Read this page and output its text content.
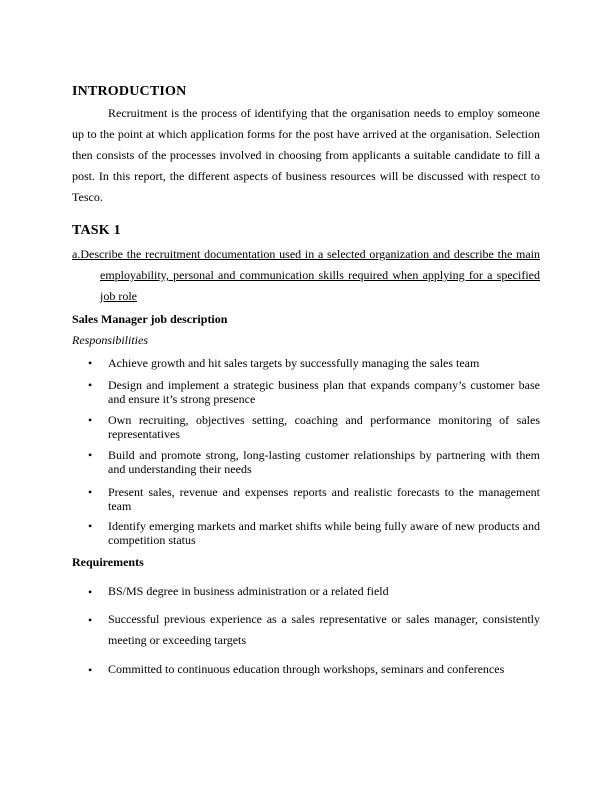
INTRODUCTION

Recruitment is the process of identifying that the organisation needs to employ someone up to the point at which application forms for the post have arrived at the organisation. Selection then consists of the processes involved in choosing from applicants a suitable candidate to fill a post. In this report, the different aspects of business resources will be discussed with respect to Tesco.

TASK 1

a.Describe the recruitment documentation used in a selected organization and describe the main employability, personal and communication skills required when applying for a specified job role

Sales Manager job description
Responsibilities
• Achieve growth and hit sales targets by successfully managing the sales team
• Design and implement a strategic business plan that expands company’s customer base and ensure it’s strong presence
• Own recruiting, objectives setting, coaching and performance monitoring of sales representatives
• Build and promote strong, long-lasting customer relationships by partnering with them and understanding their needs
• Present sales, revenue and expenses reports and realistic forecasts to the management team
• Identify emerging markets and market shifts while being fully aware of new products and competition status
Requirements
• BS/MS degree in business administration or a related field
• Successful previous experience as a sales representative or sales manager, consistently meeting or exceeding targets
• Committed to continuous education through workshops, seminars and conferences
